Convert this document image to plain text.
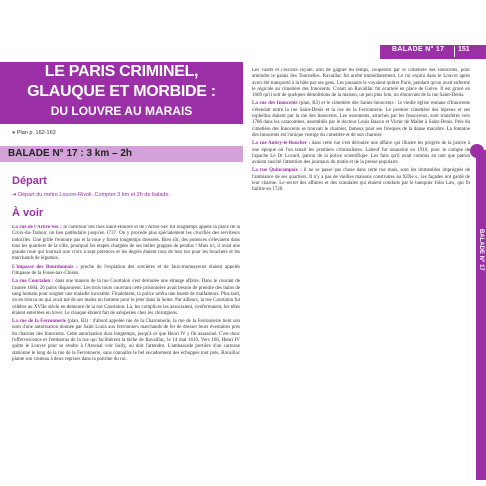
BALADE N° 17 151
BALADE N° 17
LE PARIS CRIMINEL,
GLAUQUE ET MORBIDE :
DU LOUVRE AU MARAIS
● Plan p. 162-163
BALADE N° 17 : 3 km – 2h
Départ
➜ Départ du métro Louvre-Rivoli. Compter 3 km et 2h de balade.
À voir

La rue de l'Arbre-Sec : le carrefour des rues Saint-Honoré et de l'Arbre-Sec fut longtemps appelé la place de la Croix-du-Trahoir, un lieu patibulaire jusqu'en 1737. On y procède plus spécialement les crucifiés des serviteurs indociles. Une grille l'entoure pas et la roue y furent longtemps dressées. Bien sûr, des potences s'élevaient dans tous les quartiers de la ville, pourquoi les étapes chargées de ses belles grappes de pendus ! Mais ici, il avait une grande roue qui tournait une croix à sept potences et les degrés étaient tous de bon ton pour les bouchers et les marchands de légumes.

L'impasse des Bourdonnais : proche de l'expiation des sorcières et de faux-monnayeurs étaient appelés l'impasse de la Fosse-aux-Chiens.

La rue Courtalon : dans une maison de la rue Courtalon s'est déroulée une étrange affaire. Dans le courant de l'année 1684, 26 pains disparurent. Les trois tours couvrant cette prisonnière avait besoin de prendre des bains de sang humain pour soigner une maladie incurable. Finalement, la police arrêta une bande de malfaiteurs. Plus tard, on en trouva un qui avait tué de ses mains un homme pour le jeter dans la Seine. Par ailleurs, la rue Courtalon fut célèbre au XVIIe siècle en demeure de la rue Courtalon. Là, les complices les associaient, s'enfermaient, les têtes étaient enterrées en hiver. Le cloaque étaient fait de saloperies chez les chirurgiens.

La rue de la Ferronnerie (plan, B3) : d'abord appelée rue de la Charonnerie, la rue de la Ferronnerie tient son nom d'une autorisation donnée par Saint Louis aux ferronniers marchands de fer de dresser leurs éventaires près du charnier des Innocents. Cette autorisation dura longtemps, jusqu'à ce que Henri IV y fût assassiné. C'est donc l'effervescence et l'embarras de la rue qui facilitèrent la tâche de Ravaillac, le 14 mai 1610. Vers 16h, Henri IV quitte le Louvre pour se rendre à l'Arsenal voir Sully, où doit l'attendre. L'ambassade portière d'un carrosse stationné le long de la rue de la Ferronnerie, sans connaître le bel encadrement des échoppes tout prés, Ravaillac plante son couteau à deux reprises dans la poitrine du roi.

Les valets et l'escorte royale, afin de gagner du temps, coupèrent par le cimetière des Innocents, pour atteindre le palais des Tournelles. Ravaillac fut arrêté immédiatement. Le roi expira dans le Louvre après avoir été transporté à la hâte par ses gens. Les passants le voyaient quitter Paris, pendant qu'on avait enfermé le régicide au cimetière des Innocents. C'était un Ravaillac fut écartelé en place de Grève. Il est gravé en 1669 qu'il soit de quelques démolitions de la maison, un peu plus loin, un émouvant de la rue Saint-Denis.

La rue des Innocents (plan, B3) et le cimetière des Saints-Innocents : la vieille église romane d'Innocents s'étendait entre la rue Saint-Denis et la rue de la Ferronnerie. Le premier cimetière des lépreux et ses orphelins étaient par la rue des Innocents. Les ossements, arrachés par les fossoyeurs, sont transférés vers 1786 dans les catacombes, assemblés par le docteur Louis Bassin et Victor de Mallet à Saint-Denis. Près du cimetière des Innocents se trouvait le charnier, fameux pour ses fresques de la danse macabre. La fontaine des Innocents est l'unique vestige du cimetière et de son charnier.

La rue Aubry-le-Boucher : dans cette rue s'est déroulée une affaire qui illustre les progrès de la justice à une époque où l'on tenait les premiers criminalistes. Labeuf fut assassiné en 1910, pour le compte de l'apache Le Dr Locard, patron de la police scientifique. Les faits qu'il avait commis en tant que patron avaient suscité l'attention des journaux du matin et de la presse populaire.

La rue Quincampoix : il ne se passe pas chose dans cette rue mais, sont les immeubles imprégnés de l'ambiance de ses quartiers. Il n'y a pas de vieilles maisons construites au XIXe s., les façades ont gardé de leur charme. Le secret des affaires et des scandales qui étaient conduits par le banquier John Law, qui fit faillite en 1720.
